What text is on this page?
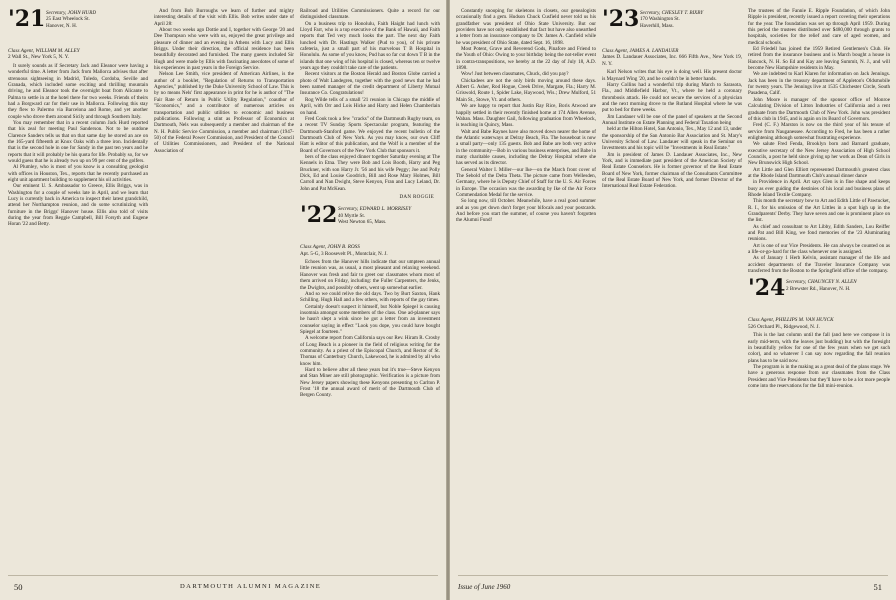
'21 Secretary, JOHN HURD
25 East Wheelock St.
Hanover, N. H.
Class Agent, WILLIAM M. ALLEY
2 Wall St., New York 5, N. Y.

It surely sounds as if Secretary Jack and Eleanor were having a wonderful time. A letter from Jack from Mallorca advises that after strenuous sightseeing in Madrid, Toledo, Cordoba, Seville and Granada, which included some exciting and thrilling mountain driving, he and Eleanor took the overnight boat from Alicante to Palma to settle in at the hotel there for two weeks. Friends of theirs had a Borgward car for their use in Mallorca. Following this stay they flew to Palermo via Barcelona and Rome, and yet another couple who drove them around Sicily and through Southern Italy.

You may remember that in a recent column Jack Hurd reported that his zeal for meeting Paul Sanderson. Not to be outdone Clarence Sanders tells us that on that same day he stored an ace on the 165-yard fifteenth at Knox Oaks with a three iron. Incidentally that is the second hole in one for Sandy in the past ten years and he reports that it will probably be his quota for life. Probably so, for we would guess that he is already two up on 99 per cent of the golfers.

Al Plumley, who is most of you know is a consulting geologist with offices in Houston, Tex., reports that he recently purchased an eight unit apartment building to supplement his oil activities.

Our eminent U. S. Ambassador to Greece, Ellis Briggs, was in Washington for a couple of weeks late in April, and we learn that Lucy is currently back in America to inspect their latest grandchild, attend her Northampton reunion, and do some scrutinizing with furniture in the Briggs' Hanover house. Ellis also told of visits during the year from Reggie Campbell, Bill Forsyth and Eugene Horan '22 and Betty.

And from Bob Burroughs we learn of further and mighty interesting details of the visit with Ellis. Bob writes under date of April 28:

About two weeks ago Dottie and I, together with George '20 and Dee Thompson who were with us, enjoyed the great privilege and pleasure of dinner and an evening in Athens with Lucy and Ellis Briggs. Under their direction, the official residence has been beautifully decorated and furnished. The many guests included Sir Hugh and were made by Ellis with fascinating anecdotes of some of his experiences in past years in the Foreign Service.

Nelson Lee Smith, vice president of American Airlines, is the author of a booklet, "Regulation of Returns to Transportation Agencies," published by the Duke University School of Law. This is by no means Nels' first appearance in print for he is author of "The Fair Rate of Return in Public Utility Regulation," coauthor of "Economics," and a contributor of numerous articles on transportation and public utilities to economic and business publications. Following a stint as Professor of Economics at Dartmouth, Nels was subsequently a member and chairman of the N. H. Public Service Commission, a member and chairman (1947-50) of the Federal Power Commission, and President of the Council of Utilities Commissioners, and President of the National Association of

Railroad and Utilities Commissioners. Quite a record for our distinguished classmate.

On a business trip to Honolulu, Faith Haight had lunch with Lloyd Farr, who is a top executive of the Bank of Hawaii, and Faith reports that Ted very much looks the part. The next day Faith lunched with Dr. Hastings Walker (Pud to you), of his private cafeteria, just a small part of his marvelous T B Hospital in Honolulu. As some of you know, Pud has so far cut down T B in the islands that one wing of his hospital is closed, whereas ten or twelve years ago they couldn't take care of the patients.

Recent visitors at the Boston Herald and Boston Globe carried a photo of Walt Landegren, together with the good news that he had been named manager of the credit department of Liberty Mutual Insurance Co. Congratulations!

Rog Wilde tells of a small '21 reunion in Chicago the middle of April, with Orr and Lois Hicke and Harry and Helen Chamberlain on hand.

Fred Cook took a few "cracks" of the Dartmouth Rugby team, on a recent TV Sunday Sports Spectacular program, featuring the Dartmouth-Stanford game. We enjoyed the recent bulletin of the Dartmouth Club of New York. As you may know, our own Cliff Hatt is editor of this publication, and the Wolf is a member of the Board of Governors of the New York Club that sponsors it.

bers of the class enjoyed dinner together Saturday evening at The Kennels in Etna. They were Bob and Lois Booth, Harry and Peg Bruckner, with son Harry Jr. '56 and his wife Peggy; Joe and Polly Dick, Ed and Louise Goodrich, Bill and Rose Mary Holmes, Bill Carroll and Nan Dwight, Steve Kenyon, Fran and Lucy Leland, Dr. John and Pat McKean.

DAN ROGGIE
'22 Secretary, EDWARD L. MORRISEY
40 Myrtle St.
West Newton 65, Mass.
Class Agent, JOHN B. ROSS
Apt. 5-G, 3 Roosevelt Pl., Montclair, N. J.

Echoes from the Hanover hills indicate that our umpteen annual little reunion was, as usual, a most pleasant and relaxing weekend. Hanover was fresh and fair to greet our classmates whom most of them arrived on Friday, including: the Fuller Carpenters, the Jenks, the Dwights, and possibly others, went up somewhat earlier.

And so we could relive the old days. Two by Burt Saxton, Hank Schilling. Hugh Hall and a few others, with reports of the gay times.

Certainly doesn't suspect it himself, but Noble Spiegel is causing insomnia amongst some members of the class. One ad-planner says he hasn't slept a wink since he got a letter from an investment counselor saying in effect "Look you dope, you could have bought Spiegel at fourteen."

A welcome report from California says our Rev. Hiram R. Crosby of Long Beach is a pioneer in the field of religious writing for the community. As a priest of the Episcopal Church, and Rector of St. Thomas of Canterbury Church, Lakewood, he is admired by all who know him.

Hard to believe after all these years but it's true—Steve Kenyon and Stan Miner are still photographic. Verification is a picture from New Jersey papers showing these Kenyons presenting to Carlton P. Frost '18 the annual award of merit of the Dartmouth Club of Bergen County.

50	DARTMOUTH ALUMNI MAGAZINE

Constantly snooping for skeletons in closets, our genealogists occasionally find a gem. Hudson Chuck Cusfield never told us his grandfather was president of Ohio State University. But our providers have not only established that fact but have also unearthed a letter from an insurance company to Dr. James A. Canfield while he was president of Ohio State, dated Sept. 16, 1898.

Most Potent, Grave and Reverend Gods, Pinafore and Friend to the Youth of Ohio: Owing to your birthday being the not-teller event in contra-transpositions, we hereby at the 22 day of July 18, A.D. 1898.

Wow! Just between classmates, Chuck, did you pay?

Chickadees are not the only birds moving around these days. Albert G. Asher, Rod Hogue, Creek Drive, Margate, Fla.; Harry M. Griswold, Route 1, Spider Lake, Haywood, Wis.; Drew Mulford, 51 Main St., Stowe, Vt. and others.

We are happy to report that Justin Ray Rice, Boris Atwood are happily settled in their recently finished home at 174 Allen Avenue, Waban. Mass. Daughter Gail, following graduation from Wheelock, is teaching in Quincy, Mass.

Walt and Babe Raynes have also moved down nearer the home of the Atlantic waterways at Delray Beach, Fla. The houseboat is now a small party—only 135 guests. Bob and Babe are both very active in the community—Bob in various business enterprises, and Babe in many charitable causes, including the Delray Hospital where she has served as its director.

General Walter I. Miller—our Ike—on the March front cover of The Sebold of the Delta Theta. The picture came from Wellesden, Germany, where he is Deputy Chief of Staff for the U. S. Air Forces in Europe. The occasion was the awarding by Ike of the Air Force Commendation Medal for the service.

So long now, till October. Meanwhile, have a real good summer and as you get down don't forget your bifocals and your postcards. And before you start the summer, of course you haven't forgotten the Alumni Fund!

'23 Secretary, CHESLEY T. BIXBY
170 Washington St.
Haverhill, Mass.
Class Agent, JAMES A. LANDAUER
James D. Landauer Associates, Inc. 666 Fifth Ave., New York 19, N. Y.

Karl Nelson writes that his eye is doing well. His present doctor is Maynard Wing '20, and he couldn't be in better hands.

Harry Collins had a wonderful trip during March to Sarasota, Fla., and Middlefield Harbor, Vt., where he held a coronary thrombosis attack. He could not secure the services of a physician and the next morning drove to the Rutland Hospital where he was put to bed for three weeks.

Jim Landauer will be one of the panel of speakers at the Second Annual Institute on Estate Planning and Federal Taxation being

held at the Hilton Hotel, San Antonio, Tex., May 12 and 13, under the sponsorship of the San Antonio Bar Association and St. Mary's University School of Law. Landauer will speak in the Seminar on Investments and his topic will be "Investments in Real Estate."

Jim is president of James D. Landauer Associates, Inc., New York, and is immediate past president of the American Society of Real Estate Counselors. He is former governor of the Real Estate Board of New York, former chairman of the Consultants Committee of the Real Estate Board of New York, and former Director of the International Real Estate Federation.

The trustees of the Fannie E. Ripple Foundation, of which John Ripple is president, recently issued a report covering their operations for the year. The foundation was set up through April 1959. During this period the trustees distributed over $480,000 through grants to hospitals, societies for the relief and care of aged women, and medical schools.

Ed Friedell has joined the 1959 Retired Gentlemen's Club. He retired from the insurance business and is March bought a house in Hancock, N. H. So Ed and Kay are leaving Summit, N. J., and will become New Hampshire residents in May.

We are indebted to Karl Klaren for information on Jack Jennings. Jack has been in the treasury department of Appleton's Oldsmobile for twenty years. The Jennings live at 1535 Chichester Circle, South Pasadena, Calif.

John Moore is manager of the sponsor office of Monroe Calculating Division of Litton Industries of California and a rent graduate from the Dartmouth Club of New York. John was president of this club in 1945, and is again on its Board of Governors.

Fred (C. F.) Marston is now on the third year of his tenure of service from Nauganessee. According to Fred, he has been a rather enlightening although somewhat frustrating experience.

We salute Fred Fenda, Brooklyn born and Barnard graduate, executive secretary of the New Jersey Association of High School Councils, a post he held since giving up her work as Dean of Girls in New Brunswick High School.

Art Little and Glen Elliott represented Dartmouth's greatest class at the Rhode Island Dartmouth Club's annual dinner dance

in Providence in April. Art says Glen is in fine shape and keeps busy as ever guiding the destinies of his local and business plans of Rhode Island Textile Company.

This month the secretary bow to Art and Edith Little of Pawtucket, R. I., for his omission of the Art Littles in a spot high up in the Grandparents' Derby. They have seven and one is prominent place on the list.

As chief and consultant to Art Libby, Edith Sanders, Lou Reiffer and Pat and Bill King, we fond memories of the '23 Aluminating reunions.

Art is one of our Vice Presidents. He can always be counted on as a life-or-go-hard for the class whenever one is assigned.

As of January 1 Herb Kelvin, assistant manager of the life and accident departments of the Traveler Insurance Company was transferred from the Boston to the Springfield office of the company.

'24 Secretary, CHAUNCEY N. ALLEN
2 Brewster Rd., Hanover, N. H.
Class Agent, PHILLIPS M. VAN HUYCK
526 Orchard Pl., Ridgewood, N. J.

This is the last column until the fall (and here we compose it in early mid-term, with the leaves just budding) but with the foresight in beautifully yellow for one of the few years when we get such color), and so whatever I can say now regarding the fall reunion plans has to be said now.

The program is in the making as a great deal of the plans stage. We have a generous response from our classmates from the Class President and Vice Presidents but they'll have to be a lot more people come into the reservations for the fall mini-reunion.

Issue of June 1960	51
